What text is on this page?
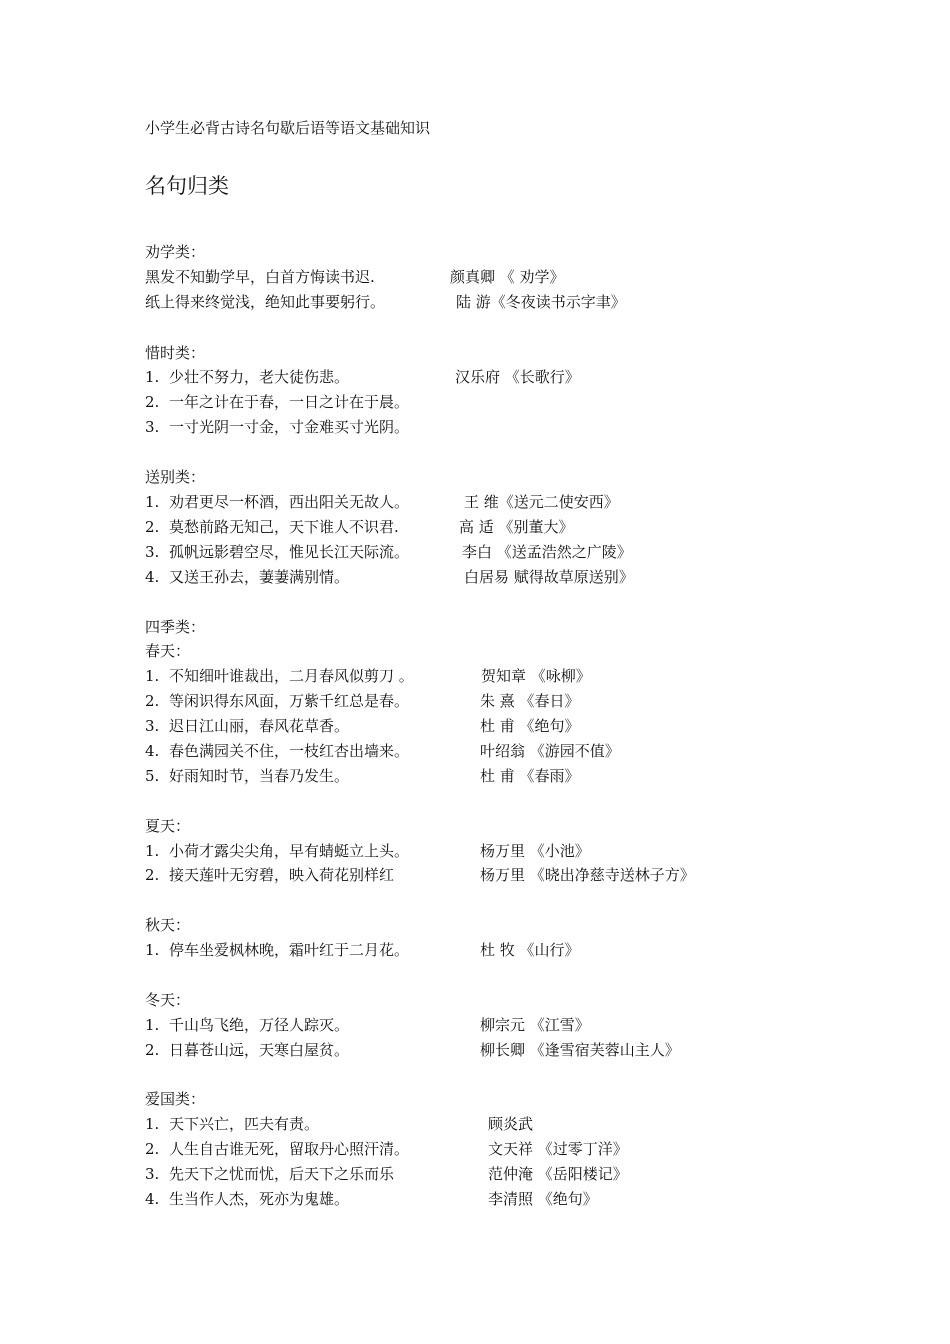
小学生必背古诗名句歇后语等语文基础知识
名句归类
劝学类：
黑发不知勤学早，白首方悔读书迟.	颜真卿 《 劝学》
纸上得来终觉浅，绝知此事要躬行。	陆 游《冬夜读书示字聿》
惜时类：
1. 少壮不努力，老大徒伤悲。	汉乐府 《长歌行》
2. 一年之计在于春，一日之计在于晨。
3. 一寸光阴一寸金，寸金难买寸光阴。
送别类：
1. 劝君更尽一杯酒，西出阳关无故人。	王 维《送元二使安西》
2. 莫愁前路无知己，天下谁人不识君.	高 适 《别董大》
3. 孤帆远影碧空尽，惟见长江天际流。	李白 《送孟浩然之广陵》
4. 又送王孙去，萋萋满别情。	白居易 赋得故草原送别》
四季类：
春天：
1. 不知细叶谁裁出，二月春风似剪刀 。	贺知章 《咏柳》
2. 等闲识得东风面，万紫千红总是春。	朱 熹 《春日》
3. 迟日江山丽，春风花草香。	杜 甫 《绝句》
4. 春色满园关不住，一枝红杏出墙来。	叶绍翁 《游园不值》
5. 好雨知时节，当春乃发生。	杜 甫 《春雨》
夏天：
1. 小荷才露尖尖角，早有蜻蜓立上头。	杨万里 《小池》
2. 接天莲叶无穷碧，映入荷花别样红	杨万里 《晓出净慈寺送林子方》
秋天：
1. 停车坐爱枫林晚，霜叶红于二月花。	杜 牧 《山行》
冬天：
1. 千山鸟飞绝，万径人踪灭。	柳宗元 《江雪》
2. 日暮苍山远，天寒白屋贫。	柳长卿 《逢雪宿芙蓉山主人》
爱国类：
1. 天下兴亡，匹夫有责。	顾炎武
2. 人生自古谁无死，留取丹心照汗清。	文天祥 《过零丁洋》
3. 先天下之忧而忧，后天下之乐而乐	范仲淹 《岳阳楼记》
4. 生当作人杰，死亦为鬼雄。	李清照 《绝句》
